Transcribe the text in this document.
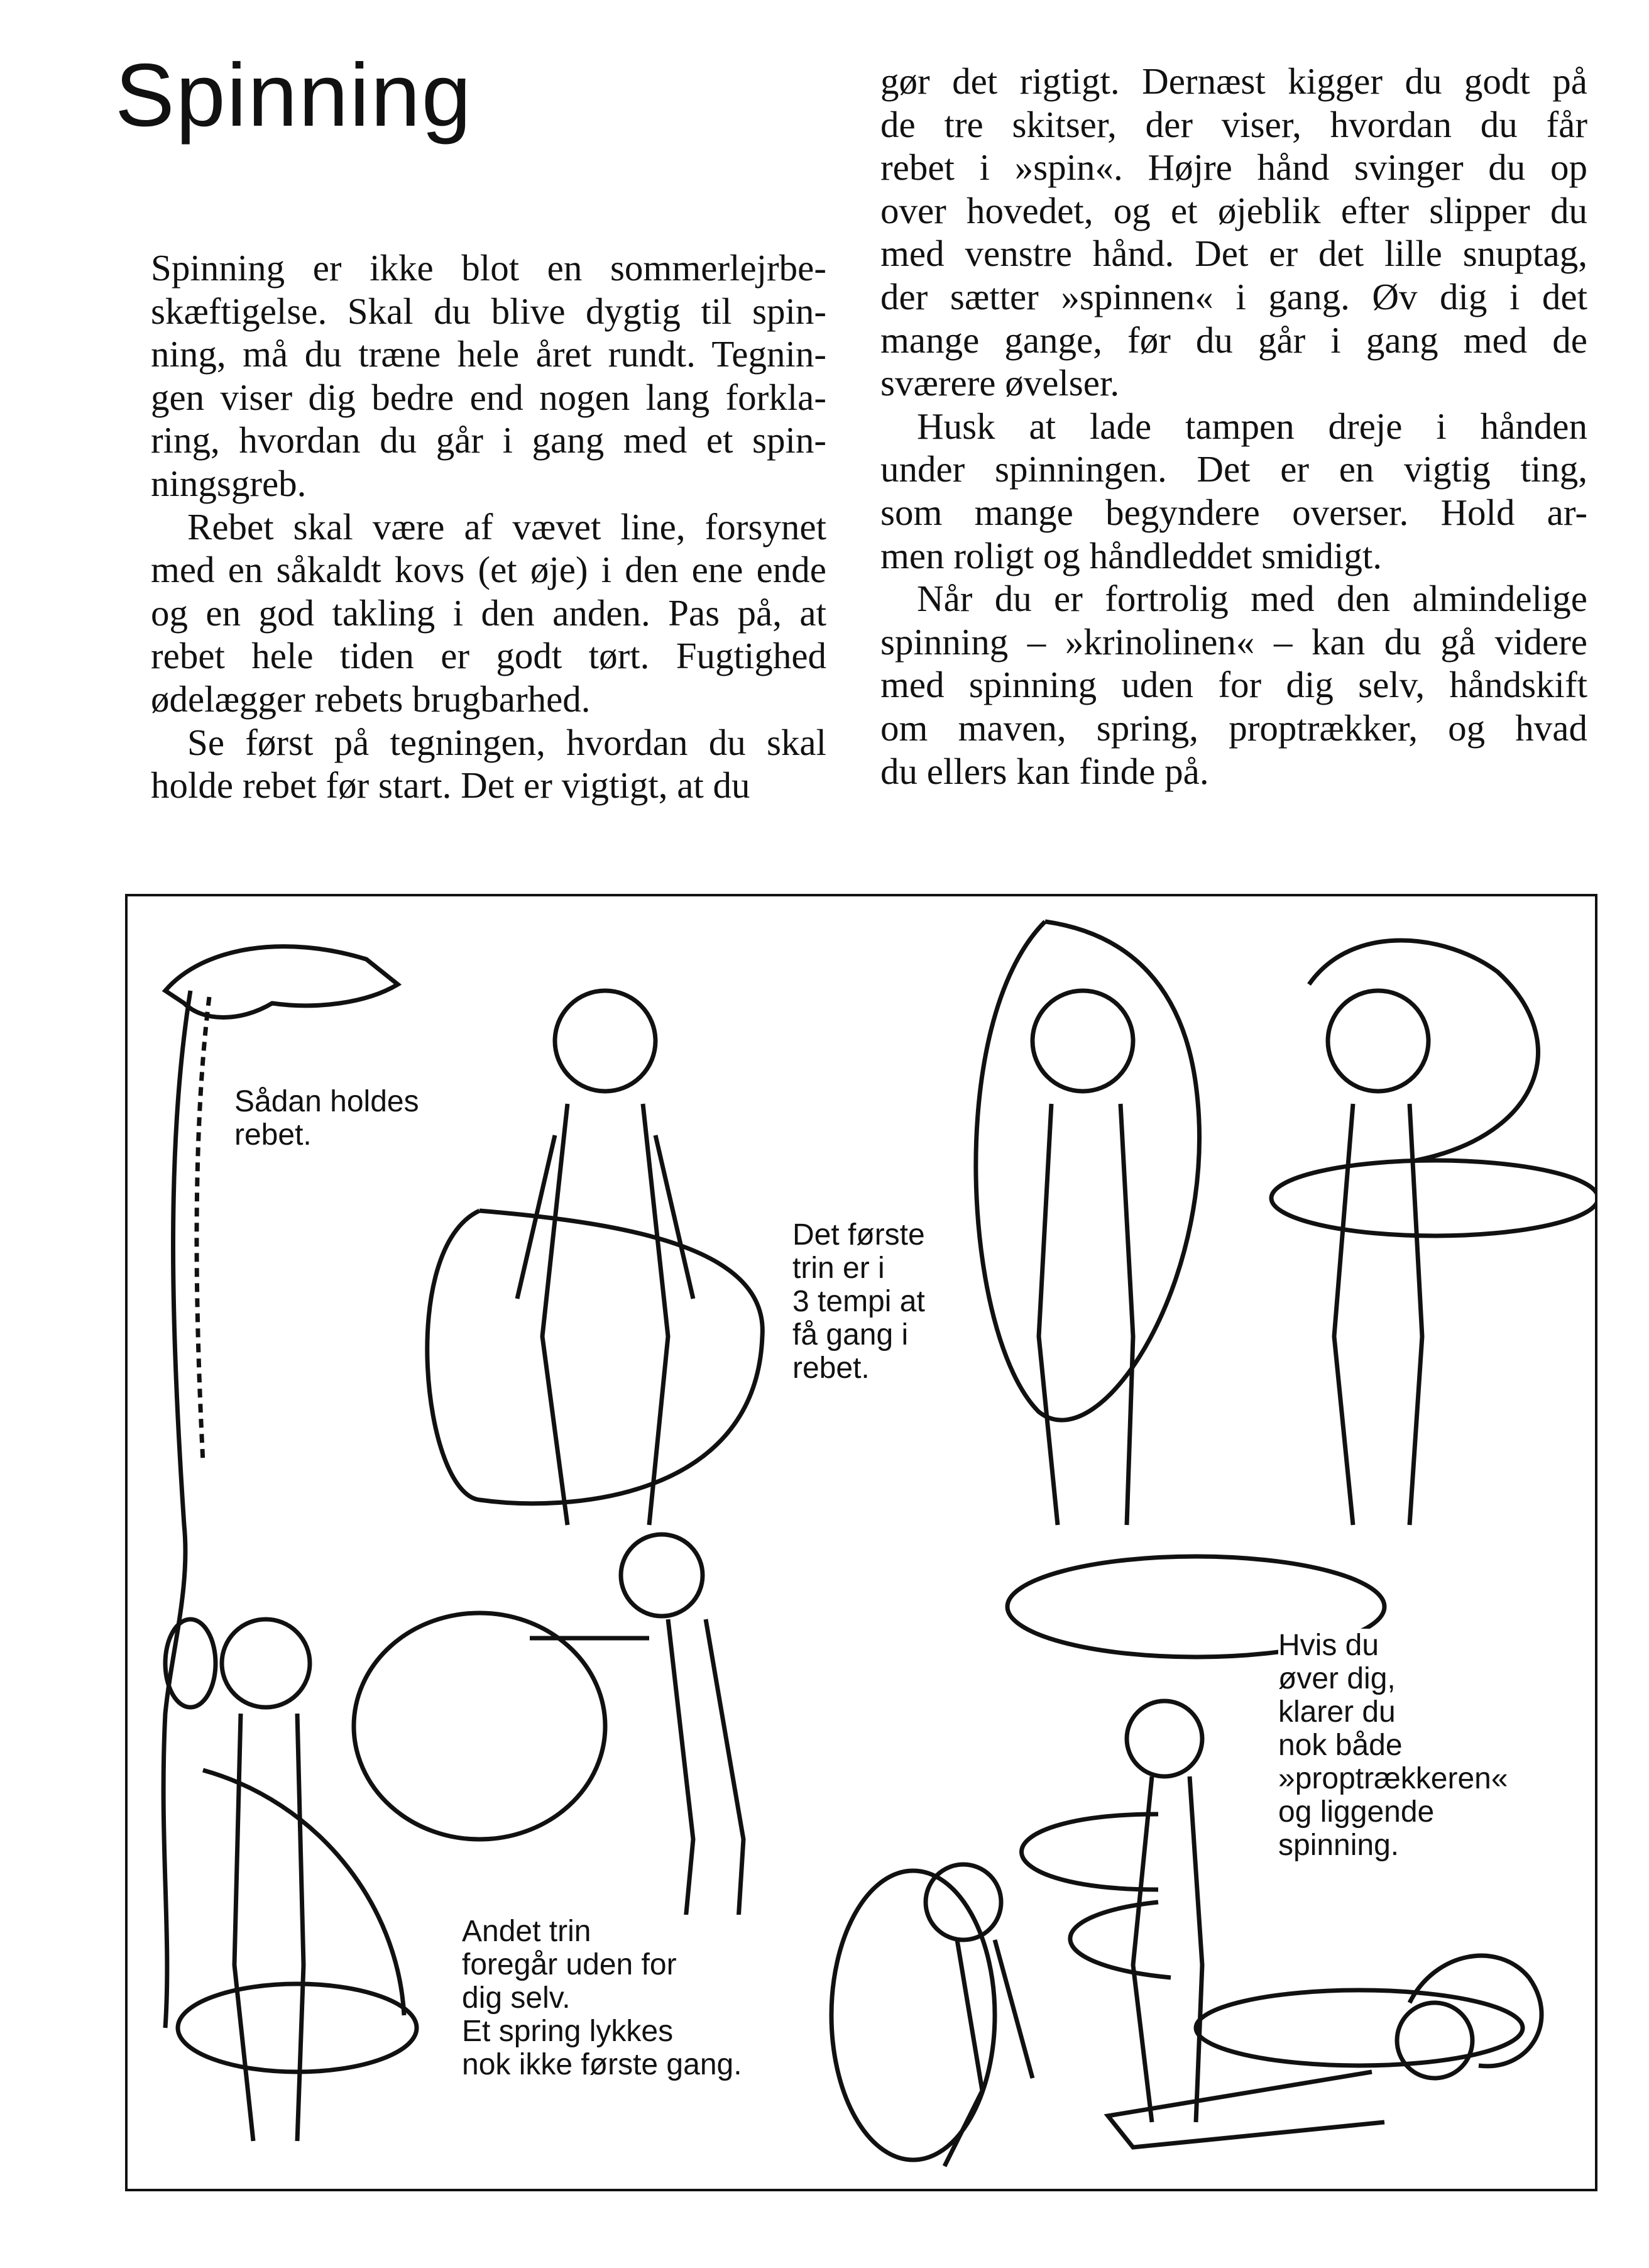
Spinning
Spinning er ikke blot en sommerlejrbe-
skæftigelse. Skal du blive dygtig til spin-
ning, må du træne hele året rundt. Tegnin-
gen viser dig bedre end nogen lang forkla-
ring, hvordan du går i gang med et spin-
ningsgreb.
Rebet skal være af vævet line, forsynet
med en såkaldt kovs (et øje) i den ene ende
og en god takling i den anden. Pas på, at
rebet hele tiden er godt tørt. Fugtighed
ødelægger rebets brugbarhed.
Se først på tegningen, hvordan du skal
holde rebet før start. Det er vigtigt, at du
gør det rigtigt. Dernæst kigger du godt på
de tre skitser, der viser, hvordan du får
rebet i »spin«. Højre hånd svinger du op
over hovedet, og et øjeblik efter slipper du
med venstre hånd. Det er det lille snuptag,
der sætter »spinnen« i gang. Øv dig i det
mange gange, før du går i gang med de
sværere øvelser.
Husk at lade tampen dreje i hånden
under spinningen. Det er en vigtig ting,
som mange begyndere overser. Hold ar-
men roligt og håndleddet smidigt.
Når du er fortrolig med den almindelige
spinning – »krinolinen« – kan du gå videre
med spinning uden for dig selv, håndskift
om maven, spring, proptrækker, og hvad
du ellers kan finde på.
Sådan holdes
rebet.
Det første
trin er i
3 tempi at
få gang i
rebet.
Andet trin
foregår uden for
dig selv.
Et spring lykkes
nok ikke første gang.
Hvis du
øver dig,
klarer du
nok både
»proptrækkeren«
og liggende
spinning.
